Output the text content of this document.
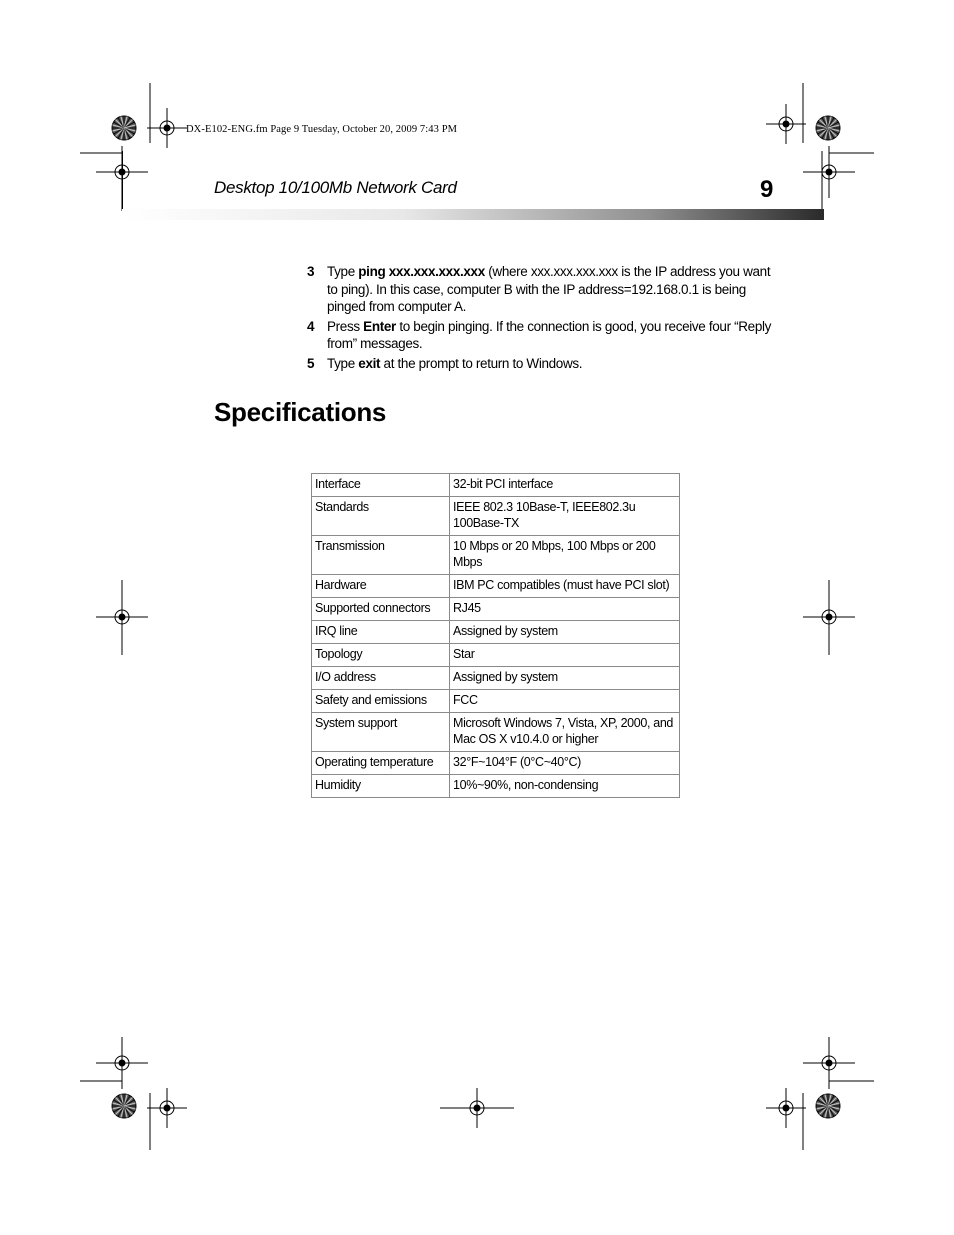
DX-E102-ENG.fm Page 9 Tuesday, October 20, 2009 7:43 PM
Desktop 10/100Mb Network Card	9
3 Type ping xxx.xxx.xxx.xxx (where xxx.xxx.xxx.xxx is the IP address you want to ping). In this case, computer B with the IP address=192.168.0.1 is being pinged from computer A.
4 Press Enter to begin pinging. If the connection is good, you receive four “Reply from” messages.
5 Type exit at the prompt to return to Windows.
Specifications
Interface	32-bit PCI interface
Standards	IEEE 802.3 10Base-T, IEEE802.3u 100Base-TX
Transmission	10 Mbps or 20 Mbps, 100 Mbps or 200 Mbps
Hardware	IBM PC compatibles (must have PCI slot)
Supported connectors	RJ45
IRQ line	Assigned by system
Topology	Star
I/O address	Assigned by system
Safety and emissions	FCC
System support	Microsoft Windows 7, Vista, XP, 2000, and
Mac OS X v10.4.0 or higher
Operating temperature	32°F~104°F (0°C~40°C)
Humidity	10%~90%, non-condensing
